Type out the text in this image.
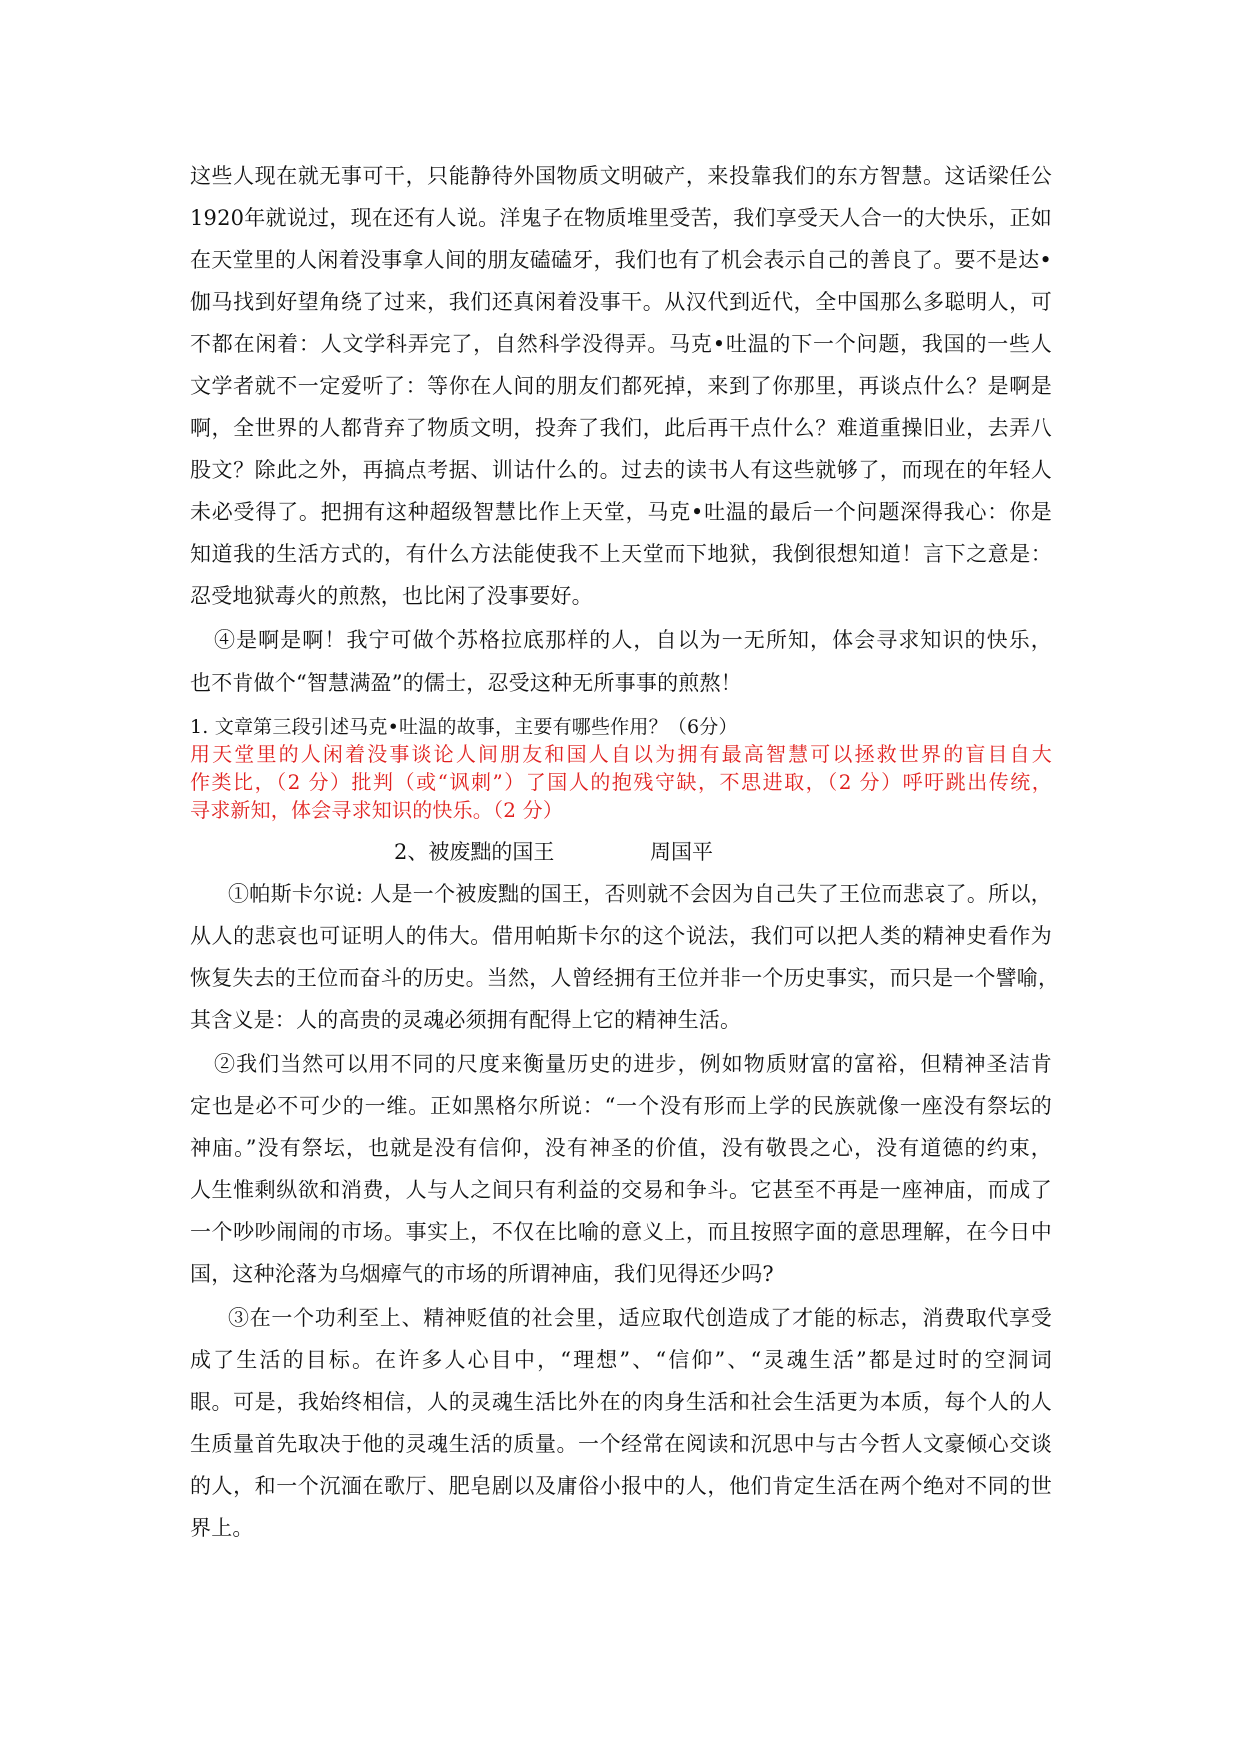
这些人现在就无事可干，只能静待外国物质文明破产，来投靠我们的东方智慧。这话梁任公
1920年就说过，现在还有人说。洋鬼子在物质堆里受苦，我们享受天人合一的大快乐，正如
在天堂里的人闲着没事拿人间的朋友磕磕牙，我们也有了机会表示自己的善良了。要不是达•
伽马找到好望角绕了过来，我们还真闲着没事干。从汉代到近代，全中国那么多聪明人，可
不都在闲着：人文学科弄完了，自然科学没得弄。马克•吐温的下一个问题，我国的一些人
文学者就不一定爱听了：等你在人间的朋友们都死掉，来到了你那里，再谈点什么？是啊是
啊，全世界的人都背弃了物质文明，投奔了我们，此后再干点什么？难道重操旧业，去弄八
股文？除此之外，再搞点考据、训诂什么的。过去的读书人有这些就够了，而现在的年轻人
未必受得了。把拥有这种超级智慧比作上天堂，马克•吐温的最后一个问题深得我心：你是
知道我的生活方式的，有什么方法能使我不上天堂而下地狱，我倒很想知道！言下之意是：
忍受地狱毒火的煎熬，也比闲了没事要好。
④是啊是啊！我宁可做个苏格拉底那样的人，自以为一无所知，体会寻求知识的快乐，
也不肯做个“智慧满盈”的儒士，忍受这种无所事事的煎熬！
1. 文章第三段引述马克•吐温的故事，主要有哪些作用？（6分）
用天堂里的人闲着没事谈论人间朋友和国人自以为拥有最高智慧可以拯救世界的盲目自大
作类比，（2 分）批判（或“讽刺”）了国人的抱残守缺，不思进取，（2 分）呼吁跳出传统，
寻求新知，体会寻求知识的快乐。（2 分）
2、被废黜的国王	周国平
①帕斯卡尔说: 人是一个被废黜的国王，否则就不会因为自己失了王位而悲哀了。所以，
从人的悲哀也可证明人的伟大。借用帕斯卡尔的这个说法，我们可以把人类的精神史看作为
恢复失去的王位而奋斗的历史。当然，人曾经拥有王位并非一个历史事实，而只是一个譬喻，
其含义是：人的高贵的灵魂必须拥有配得上它的精神生活。
②我们当然可以用不同的尺度来衡量历史的进步，例如物质财富的富裕，但精神圣洁肯
定也是必不可少的一维。正如黑格尔所说：“一个没有形而上学的民族就像一座没有祭坛的
神庙。”没有祭坛，也就是没有信仰，没有神圣的价值，没有敬畏之心，没有道德的约束，
人生惟剩纵欲和消费，人与人之间只有利益的交易和争斗。它甚至不再是一座神庙，而成了
一个吵吵闹闹的市场。事实上，不仅在比喻的意义上，而且按照字面的意思理解，在今日中
国，这种沦落为乌烟瘴气的市场的所谓神庙，我们见得还少吗?
③在一个功利至上、精神贬值的社会里，适应取代创造成了才能的标志，消费取代享受
成了生活的目标。在许多人心目中，“理想”、“信仰”、“灵魂生活”都是过时的空洞词
眼。可是，我始终相信，人的灵魂生活比外在的肉身生活和社会生活更为本质，每个人的人
生质量首先取决于他的灵魂生活的质量。一个经常在阅读和沉思中与古今哲人文豪倾心交谈
的人，和一个沉湎在歌厅、肥皂剧以及庸俗小报中的人，他们肯定生活在两个绝对不同的世
界上。
